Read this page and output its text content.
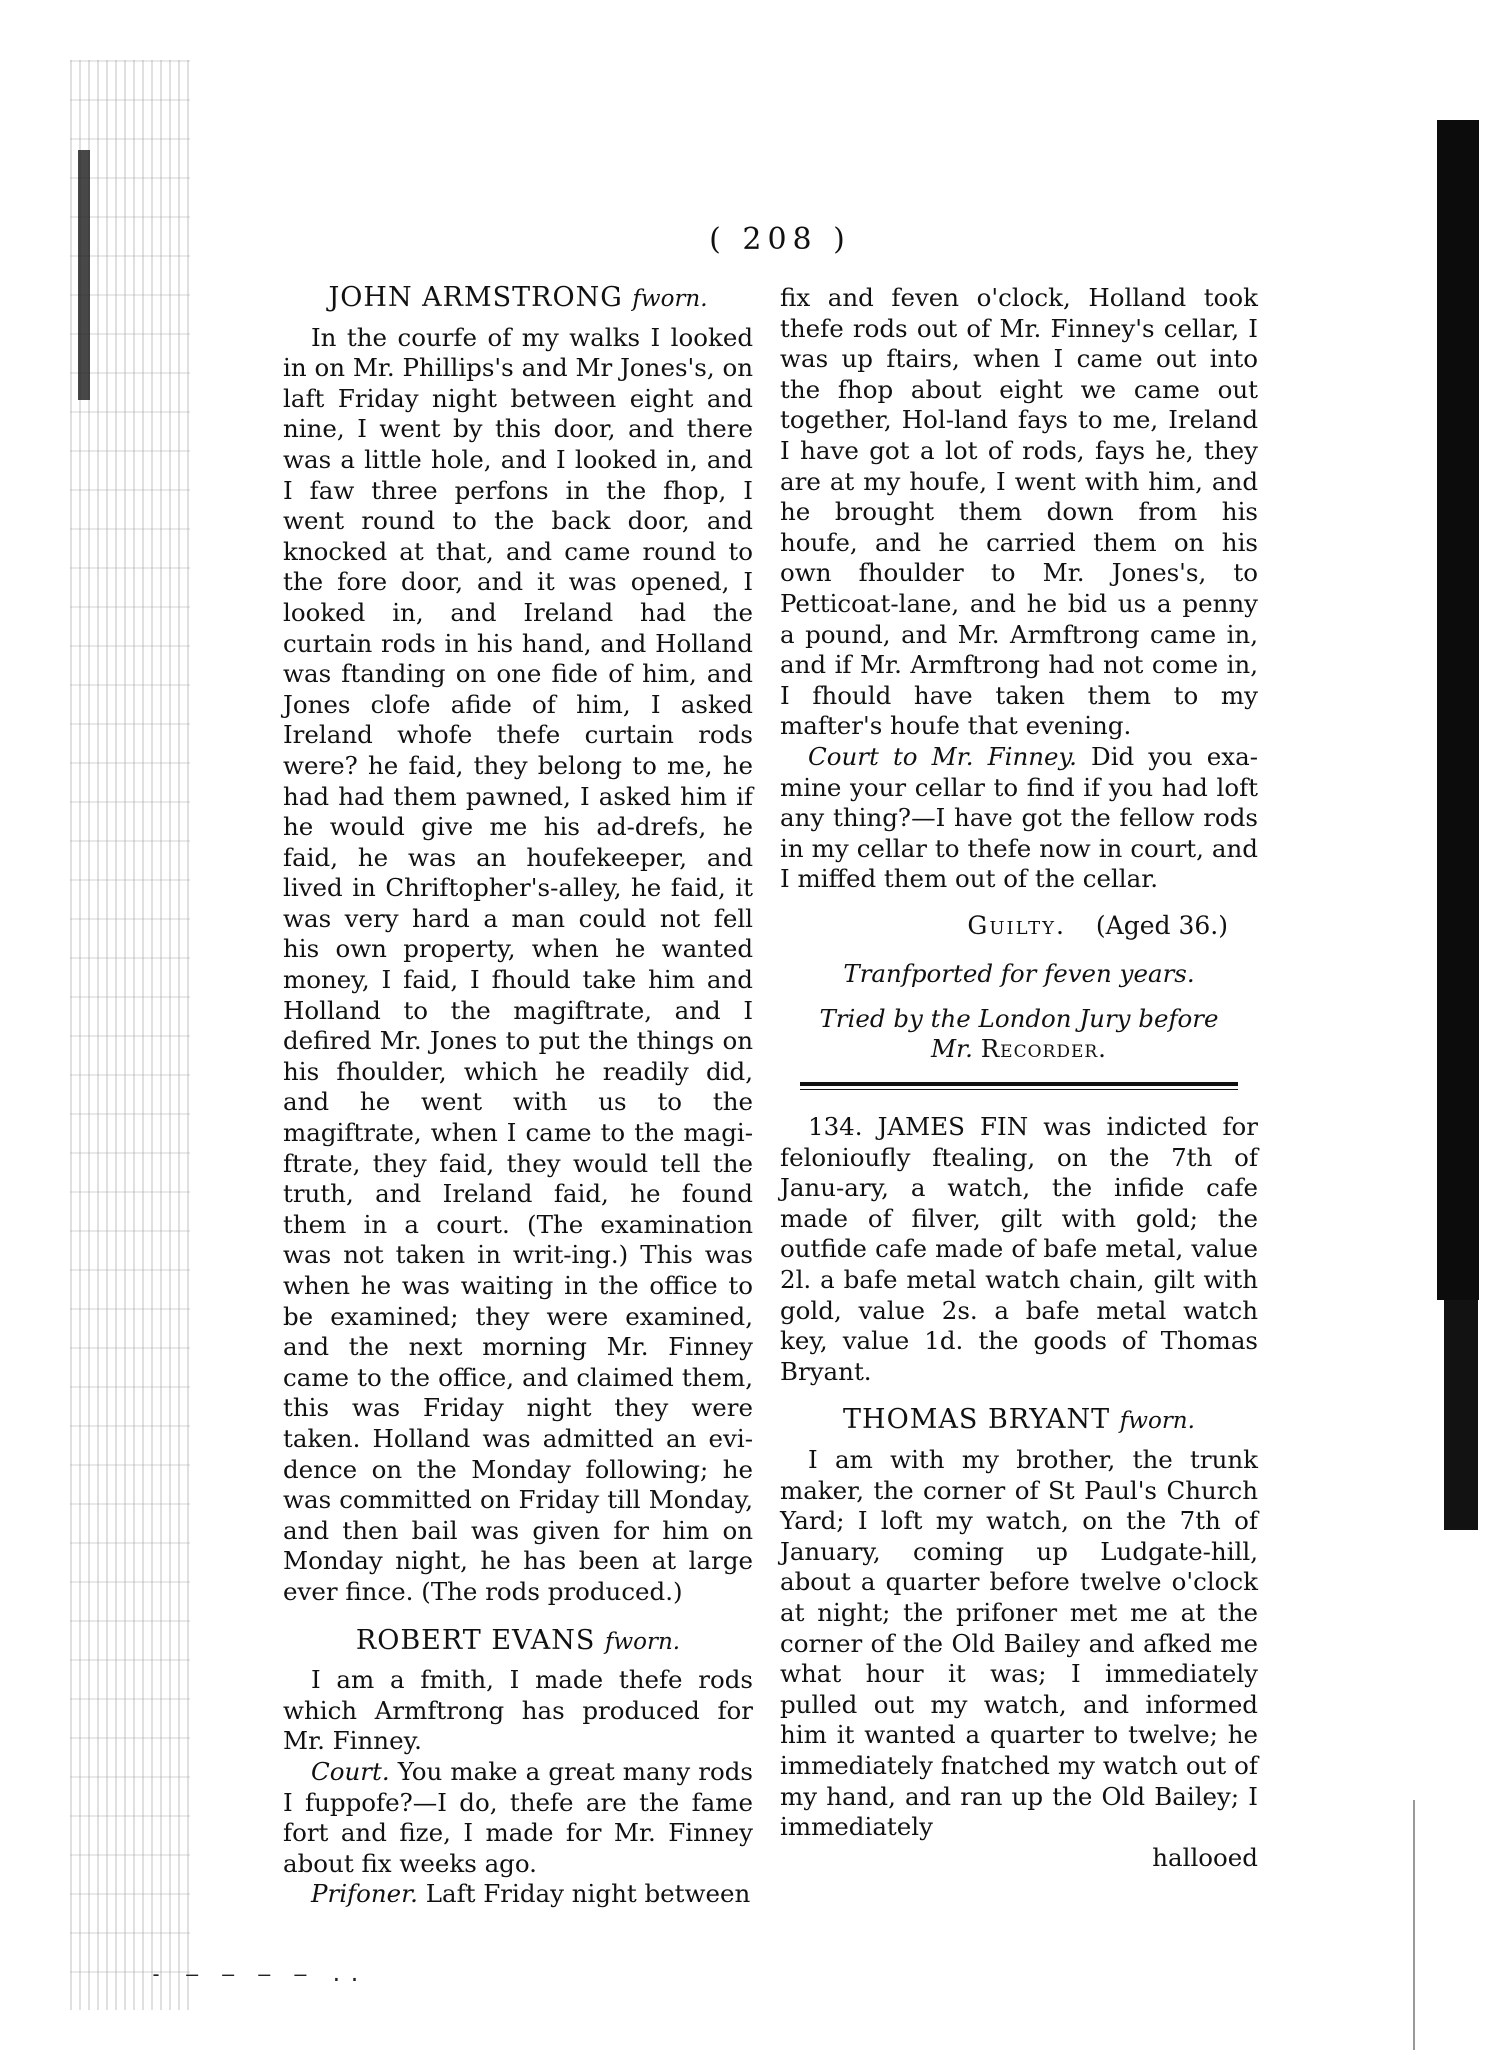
( 208 )
JOHN ARMSTRONG fworn.

In the courfe of my walks I looked in on Mr. Phillips's and Mr Jones's, on laft Friday night between eight and nine, I went by this door, and there was a little hole, and I looked in, and I faw three perfons in the fhop, I went round to the back door, and knocked at that, and came round to the fore door, and it was opened, I looked in, and Ireland had the curtain rods in his hand, and Holland was ftanding on one fide of him, and Jones clofe afide of him, I asked Ireland whofe thefe curtain rods were? he faid, they belong to me, he had had them pawned, I asked him if he would give me his ad-drefs, he faid, he was an houfekeeper, and lived in Chriftopher's-alley, he faid, it was very hard a man could not fell his own property, when he wanted money, I faid, I fhould take him and Holland to the magiftrate, and I defired Mr. Jones to put the things on his fhoulder, which he readily did, and he went with us to the magiftrate, when I came to the magi-ftrate, they faid, they would tell the truth, and Ireland faid, he found them in a court. (The examination was not taken in writ-ing.) This was when he was waiting in the office to be examined; they were examined, and the next morning Mr. Finney came to the office, and claimed them, this was Friday night they were taken. Holland was admitted an evi-dence on the Monday following; he was committed on Friday till Monday, and then bail was given for him on Monday night, he has been at large ever fince. (The rods produced.)

ROBERT EVANS fworn.

I am a fmith, I made thefe rods which Armftrong has produced for Mr. Finney.

Court. You make a great many rods I fuppofe?—I do, thefe are the fame fort and fize, I made for Mr. Finney about fix weeks ago.

Prifoner. Laft Friday night between

fix and feven o'clock, Holland took thefe rods out of Mr. Finney's cellar, I was up ftairs, when I came out into the fhop about eight we came out together, Hol-land fays to me, Ireland I have got a lot of rods, fays he, they are at my houfe, I went with him, and he brought them down from his houfe, and he carried them on his own fhoulder to Mr. Jones's, to Petticoat-lane, and he bid us a penny a pound, and Mr. Armftrong came in, and if Mr. Armftrong had not come in, I fhould have taken them to my mafter's houfe that evening.

Court to Mr. Finney. Did you exa-mine your cellar to find if you had loft any thing?—I have got the fellow rods in my cellar to thefe now in court, and I miffed them out of the cellar.

Guilty. (Aged 36.)
Tranfported for feven years.
Tried by the London Jury before
Mr. Recorder.

134. JAMES FIN was indicted for felonioufly ftealing, on the 7th of Janu-ary, a watch, the infide cafe made of filver, gilt with gold; the outfide cafe made of bafe metal, value 2l. a bafe metal watch chain, gilt with gold, value 2s. a bafe metal watch key, value 1d. the goods of Thomas Bryant.

THOMAS BRYANT fworn.

I am with my brother, the trunk maker, the corner of St Paul's Church Yard; I loft my watch, on the 7th of January, coming up Ludgate-hill, about a quarter before twelve o'clock at night; the prifoner met me at the corner of the Old Bailey and afked me what hour it was; I immediately pulled out my watch, and informed him it wanted a quarter to twelve; he immediately fnatched my watch out of my hand, and ran up the Old Bailey; I immediately

hallooed
- – – – – ..
